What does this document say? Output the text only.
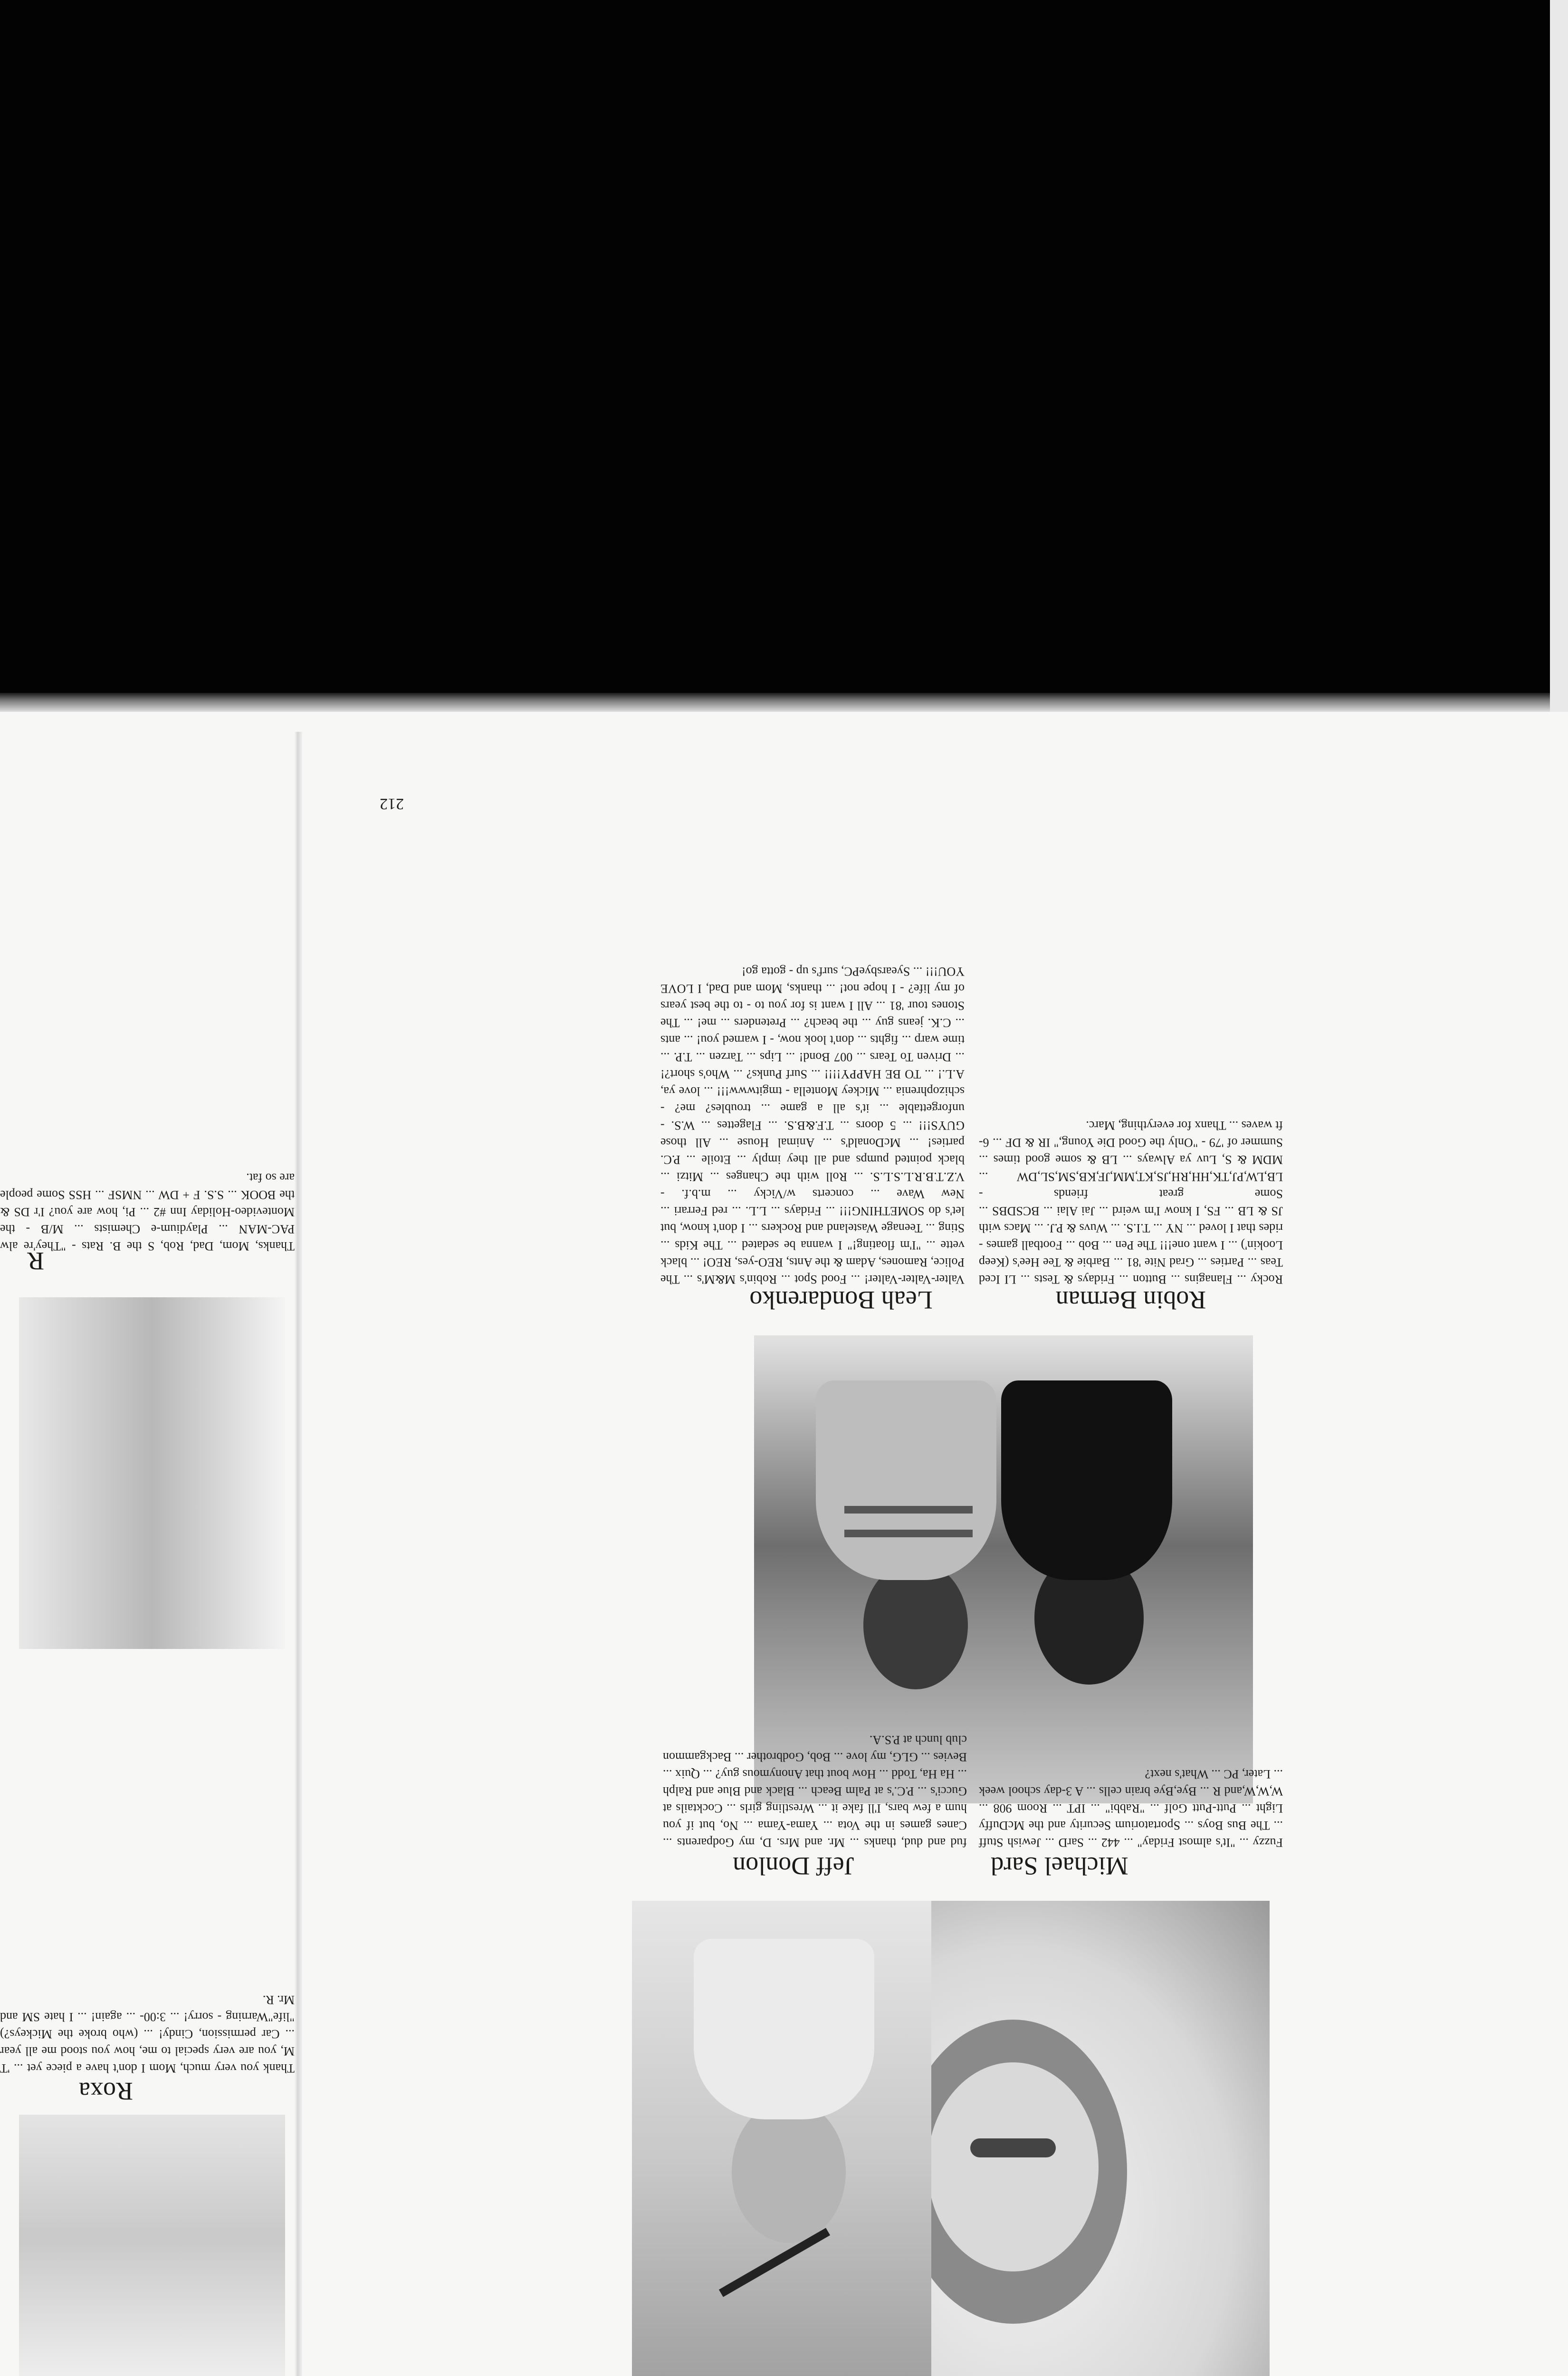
212
Robin Berman

Rocky ... Flanagins ... Button ... Fridays & Tests ... LI Iced Teas ... Parties ... Grad Nite '81 ... Barbie & Tee Hee's (Keep Lookin') ... I want one!!! The Pen ... Bob ... Football games - rides that I loved ... NY ... T.I.S. ... Wuvs & P.J. ... Macs with JS & LB ... FS, I know I'm weird ... Jai Alai ... BCSDBS ... Some great friends - LB,LW,PJ,TK,HH,RH,JS,KT,MM,JF,KB,SM,SL,DW ... MDM & S, Luv ya Always ... LB & some good times ... Summer of '79 - "Only the Good Die Young," IR & DF ... 6-ft waves ... Thanx for everything, Marc.

Leah Bondarenko

Valter-Valter-Valter! ... Food Spot ... Robin's M&M's ... The Police, Ramones, Adam & the Ants, REO-yes, REO! ... black vette ... "I'm floating!" I wanna be sedated ... The Kids ... Sting ... Teenage Wasteland and Rockers ... I don't know, but let's do SOMETHING!!! ... Fridays ... L.L. ... red Ferrari ... New Wave ... concerts w/Vicky ... m.b.f. - V.Z.T.B.R.L.S.L.S. ... Roll with the Changes ... Mitzi ... black pointed pumps and all they imply ... Etoile ... P.C. parties! ... McDonald's ... Animal House ... All those GUYS!!! ... 5 doors ... T.F.&B.S. ... Flagettes ... W.S. - unforgettable ... it's all a game ... troubles? me? - schizophrenia ... Mickey Montella - tmgitwww!!! ... love ya, A.L.! ... TO BE HAPPY!!!! ... Surf Punks? ... Who's short?! ... Driven To Tears ... 007 Bond! ... Lips ... Tarzen ... T.P. ... time warp ... fights ... don't look now, - I warned you! ... ants ... C.K. jeans guy ... the beach? ... Pretenders ... me! ... The Stones tour '81 ... All I want is for you to - to the best years of my life? - I hope not! ... thanks, Mom and Dad, I LOVE YOU!!! ... SyearsbyePC, surf's up - gotta go!

Michael Sard

Fuzzy ... "It's almost Friday" ... 442 ... SarD ... Jewish Stuff ... The Bus Boys ... Sportatorium Security and the McDuffy Light ... Putt-Putt Golf ... "Rabbi" ... IPT ... Room 908 ... W,W,W,and R ... Bye,Bye brain cells ... A 3-day school week ... Later, PC ... What's next?

Jeff Donlon

fud and dud, thanks ... Mr. and Mrs. D, my Godparents ... Canes games in the Vota ... Yama-Yama ... No, but if you hum a few bars, I'll fake it ... Wrestling girls ... Cocktails at Gucci's ... P.C.'s at Palm Beach ... Black and Blue and Ralph ... Ha Ha, Todd ... How bout that Anonymous guy? ... Quix ... Bevies ... GLG, my love ... Bob, Godbrother ... Backgammon club lunch at P.S.A.

R

Thanks, Mom, Dad, Rob, S the B. Rats - "They're alw PAC-MAN ... Playdium-e Chemists ... M/B - the Montevideo-Holiday Inn #2 ... Pi, how are you? I'r DS & the BOOK ... S.S. F + DW ... NMSF ... HSS Some people are so fat.

Roxa

Thank you very much, Mom I don't have a piece yet ... 'T M, you are very special to me, how you stood me all year ... Car permission, Cindy! ... (who broke the Mickeys?) "life"Warning - sorry! ... 3:00- ... again! ... I hate SM and Mr. R.
